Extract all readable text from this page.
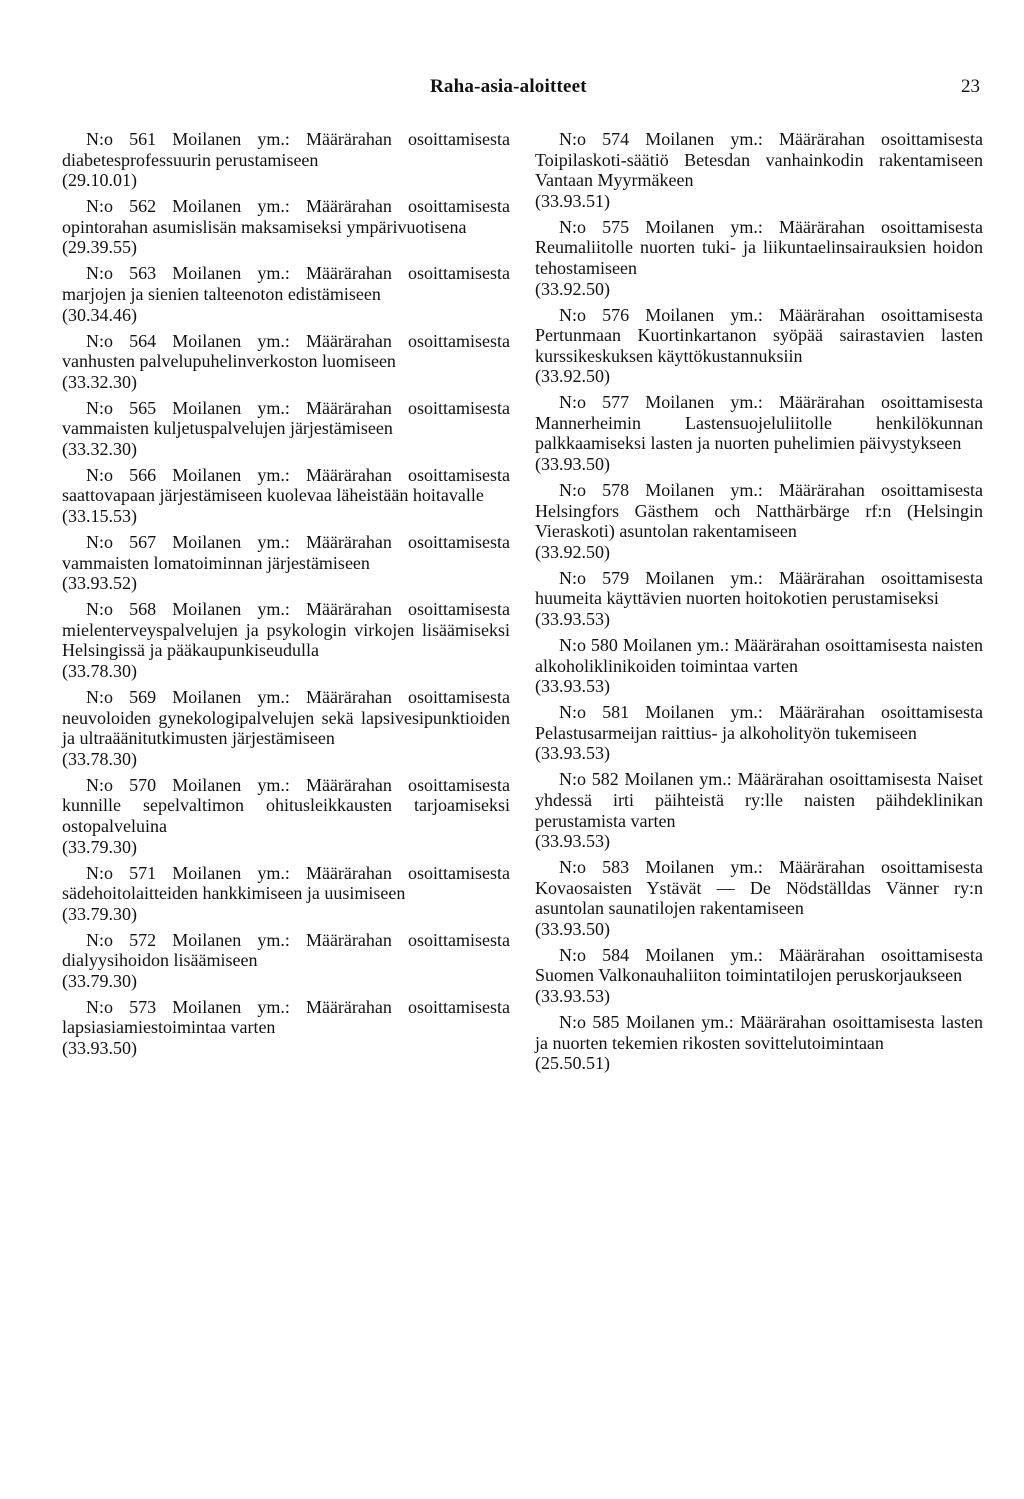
Raha-asia-aloitteet	23
N:o 561 Moilanen ym.: Määrärahan osoittamisesta diabetesprofessuurin perustamiseen
(29.10.01)
N:o 562 Moilanen ym.: Määrärahan osoittamisesta opintorahan asumislisän maksamiseksi ympärivuotisena
(29.39.55)
N:o 563 Moilanen ym.: Määrärahan osoittamisesta marjojen ja sienien talteenoton edistämiseen
(30.34.46)
N:o 564 Moilanen ym.: Määrärahan osoittamisesta vanhusten palvelupuhelinverkoston luomiseen
(33.32.30)
N:o 565 Moilanen ym.: Määrärahan osoittamisesta vammaisten kuljetuspalvelujen järjestämiseen
(33.32.30)
N:o 566 Moilanen ym.: Määrärahan osoittamisesta saattovapaan järjestämiseen kuolevaa läheistään hoitavalle
(33.15.53)
N:o 567 Moilanen ym.: Määrärahan osoittamisesta vammaisten lomatoiminnan järjestämiseen
(33.93.52)
N:o 568 Moilanen ym.: Määrärahan osoittamisesta mielenterveyspalvelujen ja psykologin virkojen lisäämiseksi Helsingissä ja pääkaupunkiseudulla
(33.78.30)
N:o 569 Moilanen ym.: Määrärahan osoittamisesta neuvoloiden gynekologipalvelujen sekä lapsivesipunktioiden ja ultraäänitutkimusten järjestämiseen
(33.78.30)
N:o 570 Moilanen ym.: Määrärahan osoittamisesta kunnille sepelvaltimon ohitusleikkausten tarjoamiseksi ostopalveluina
(33.79.30)
N:o 571 Moilanen ym.: Määrärahan osoittamisesta sädehoitolaitteiden hankkimiseen ja uusimiseen
(33.79.30)
N:o 572 Moilanen ym.: Määrärahan osoittamisesta dialyysihoidon lisäämiseen
(33.79.30)
N:o 573 Moilanen ym.: Määrärahan osoittamisesta lapsiasiamiestoimintaa varten
(33.93.50)
N:o 574 Moilanen ym.: Määrärahan osoittamisesta Toipilaskoti-säätiö Betesdan vanhainkodin rakentamiseen Vantaan Myyrmäkeen
(33.93.51)
N:o 575 Moilanen ym.: Määrärahan osoittamisesta Reumaliitolle nuorten tuki- ja liikuntaelinsairauksien hoidon tehostamiseen
(33.92.50)
N:o 576 Moilanen ym.: Määrärahan osoittamisesta Pertunmaan Kuortinkartanon syöpää sairastavien lasten kurssikeskuksen käyttökustannuksiin
(33.92.50)
N:o 577 Moilanen ym.: Määrärahan osoittamisesta Mannerheimin Lastensuojeluliitolle henkilökunnan palkkaamiseksi lasten ja nuorten puhelimien päivystykseen
(33.93.50)
N:o 578 Moilanen ym.: Määrärahan osoittamisesta Helsingfors Gästhem och Natthärbärge rf:n (Helsingin Vieraskoti) asuntolan rakentamiseen
(33.92.50)
N:o 579 Moilanen ym.: Määrärahan osoittamisesta huumeita käyttävien nuorten hoitokotien perustamiseksi
(33.93.53)
N:o 580 Moilanen ym.: Määrärahan osoittamisesta naisten alkoholiklinikoiden toimintaa varten
(33.93.53)
N:o 581 Moilanen ym.: Määrärahan osoittamisesta Pelastusarmeijan raittius- ja alkoholityön tukemiseen
(33.93.53)
N:o 582 Moilanen ym.: Määrärahan osoittamisesta Naiset yhdessä irti päihteistä ry:lle naisten päihdeklinikan perustamista varten
(33.93.53)
N:o 583 Moilanen ym.: Määrärahan osoittamisesta Kovaosaisten Ystävät — De Nödställdas Vänner ry:n asuntolan saunatilojen rakentamiseen
(33.93.50)
N:o 584 Moilanen ym.: Määrärahan osoittamisesta Suomen Valkonauhaliiton toimintatilojen peruskorjaukseen
(33.93.53)
N:o 585 Moilanen ym.: Määrärahan osoittamisesta lasten ja nuorten tekemien rikosten sovittelutoimintaan
(25.50.51)
